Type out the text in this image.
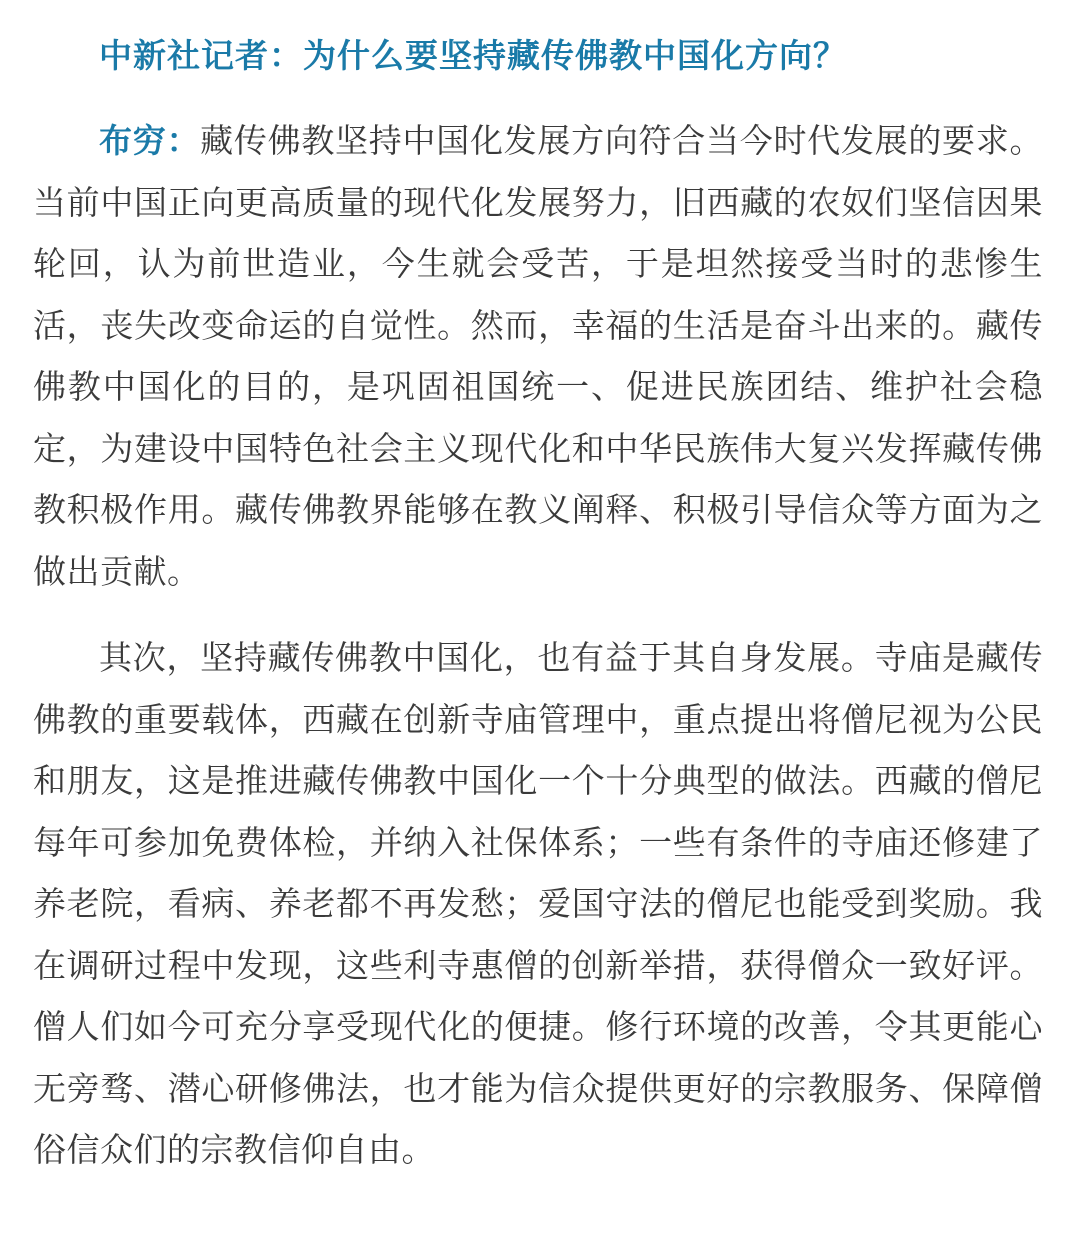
中新社记者：为什么要坚持藏传佛教中国化方向？

布穷：藏传佛教坚持中国化发展方向符合当今时代发展的要求。当前中国正向更高质量的现代化发展努力，旧西藏的农奴们坚信因果轮回，认为前世造业，今生就会受苦，于是坦然接受当时的悲惨生活，丧失改变命运的自觉性。然而，幸福的生活是奋斗出来的。藏传佛教中国化的目的，是巩固祖国统一、促进民族团结、维护社会稳定，为建设中国特色社会主义现代化和中华民族伟大复兴发挥藏传佛教积极作用。藏传佛教界能够在教义阐释、积极引导信众等方面为之做出贡献。

其次，坚持藏传佛教中国化，也有益于其自身发展。寺庙是藏传佛教的重要载体，西藏在创新寺庙管理中，重点提出将僧尼视为公民和朋友，这是推进藏传佛教中国化一个十分典型的做法。西藏的僧尼每年可参加免费体检，并纳入社保体系；一些有条件的寺庙还修建了养老院，看病、养老都不再发愁；爱国守法的僧尼也能受到奖励。我在调研过程中发现，这些利寺惠僧的创新举措，获得僧众一致好评。僧人们如今可充分享受现代化的便捷。修行环境的改善，令其更能心无旁骛、潜心研修佛法，也才能为信众提供更好的宗教服务、保障僧俗信众们的宗教信仰自由。
